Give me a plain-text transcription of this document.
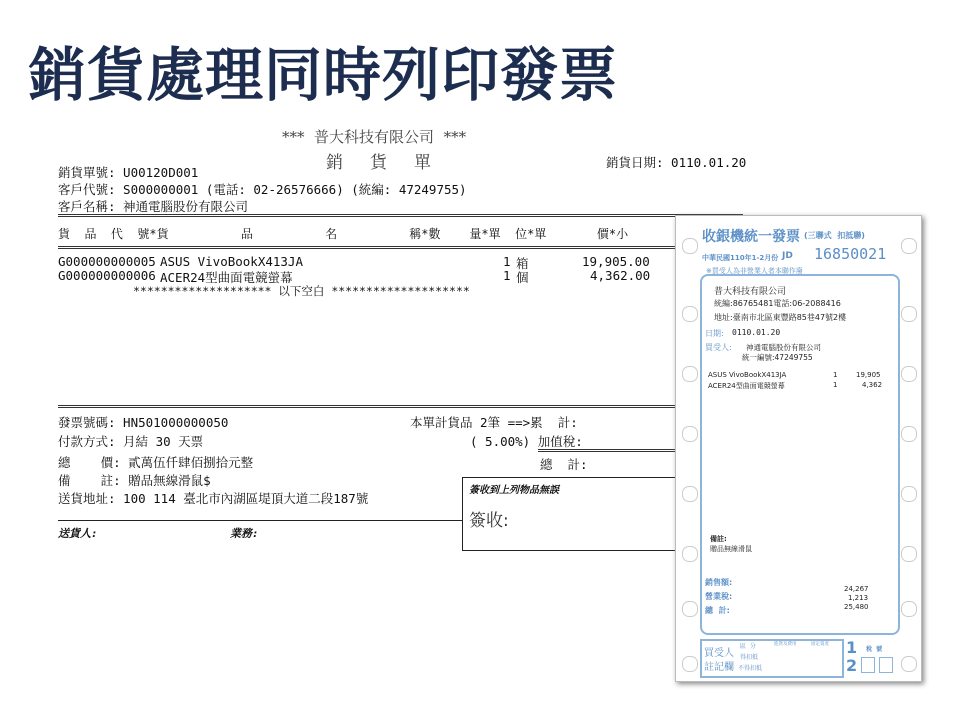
銷貨處理同時列印發票
***  普大科技有限公司  ***
銷     貨     單	銷貨日期: 0110.01.20
銷貨單號: U00120D001
客戶代號: S000000001 (電話: 02-26576666) (統編: 47249755)
客戶名稱: 神通電腦股份有限公司
貨  品  代  號*貨          品          名          稱*數    量*單  位*單       價*小
G000000000005 ASUS VivoBookX413JA	1 箱	19,905.00
G000000000006 ACER24型曲面電競螢幕	1 個	4,362.00
******************** 以下空白 ********************
發票號碼: HN501000000050	本單計貨品 2筆 ==>累  計:
付款方式: 月結 30 天票	( 5.00%) 加值稅:
總    價: 貳萬伍仟肆佰捌拾元整	總  計:
備    註: 贈品無線滑鼠$
送貨地址: 100 114 臺北市內湖區堤頂大道二段187號
送貨人:	業務:
簽收到上列物品無誤
簽收:
收銀機統一發票 (三聯式  扣抵聯)
中華民國110年1-2月份 JD 16850021
※買受人為非營業人者本聯作廢
普大科技有限公司
統編:86765481電話:06-2088416
地址:臺南市北區東豐路85巷47號2樓
日期: 0110.01.20
買受人: 神通電腦股份有限公司
統一編號:47249755
ASUS VivoBookX413JA	1	19,905
ACER24型曲面電競螢幕	1	4,362
備註:
贈品無線滑鼠
銷售額:
24,267
營業稅:	1,213
總  計:	25,480
買受人
註記欄
區  分
得扣抵
不得扣抵
進貨及費用	固定資產 1
2
稅  號
